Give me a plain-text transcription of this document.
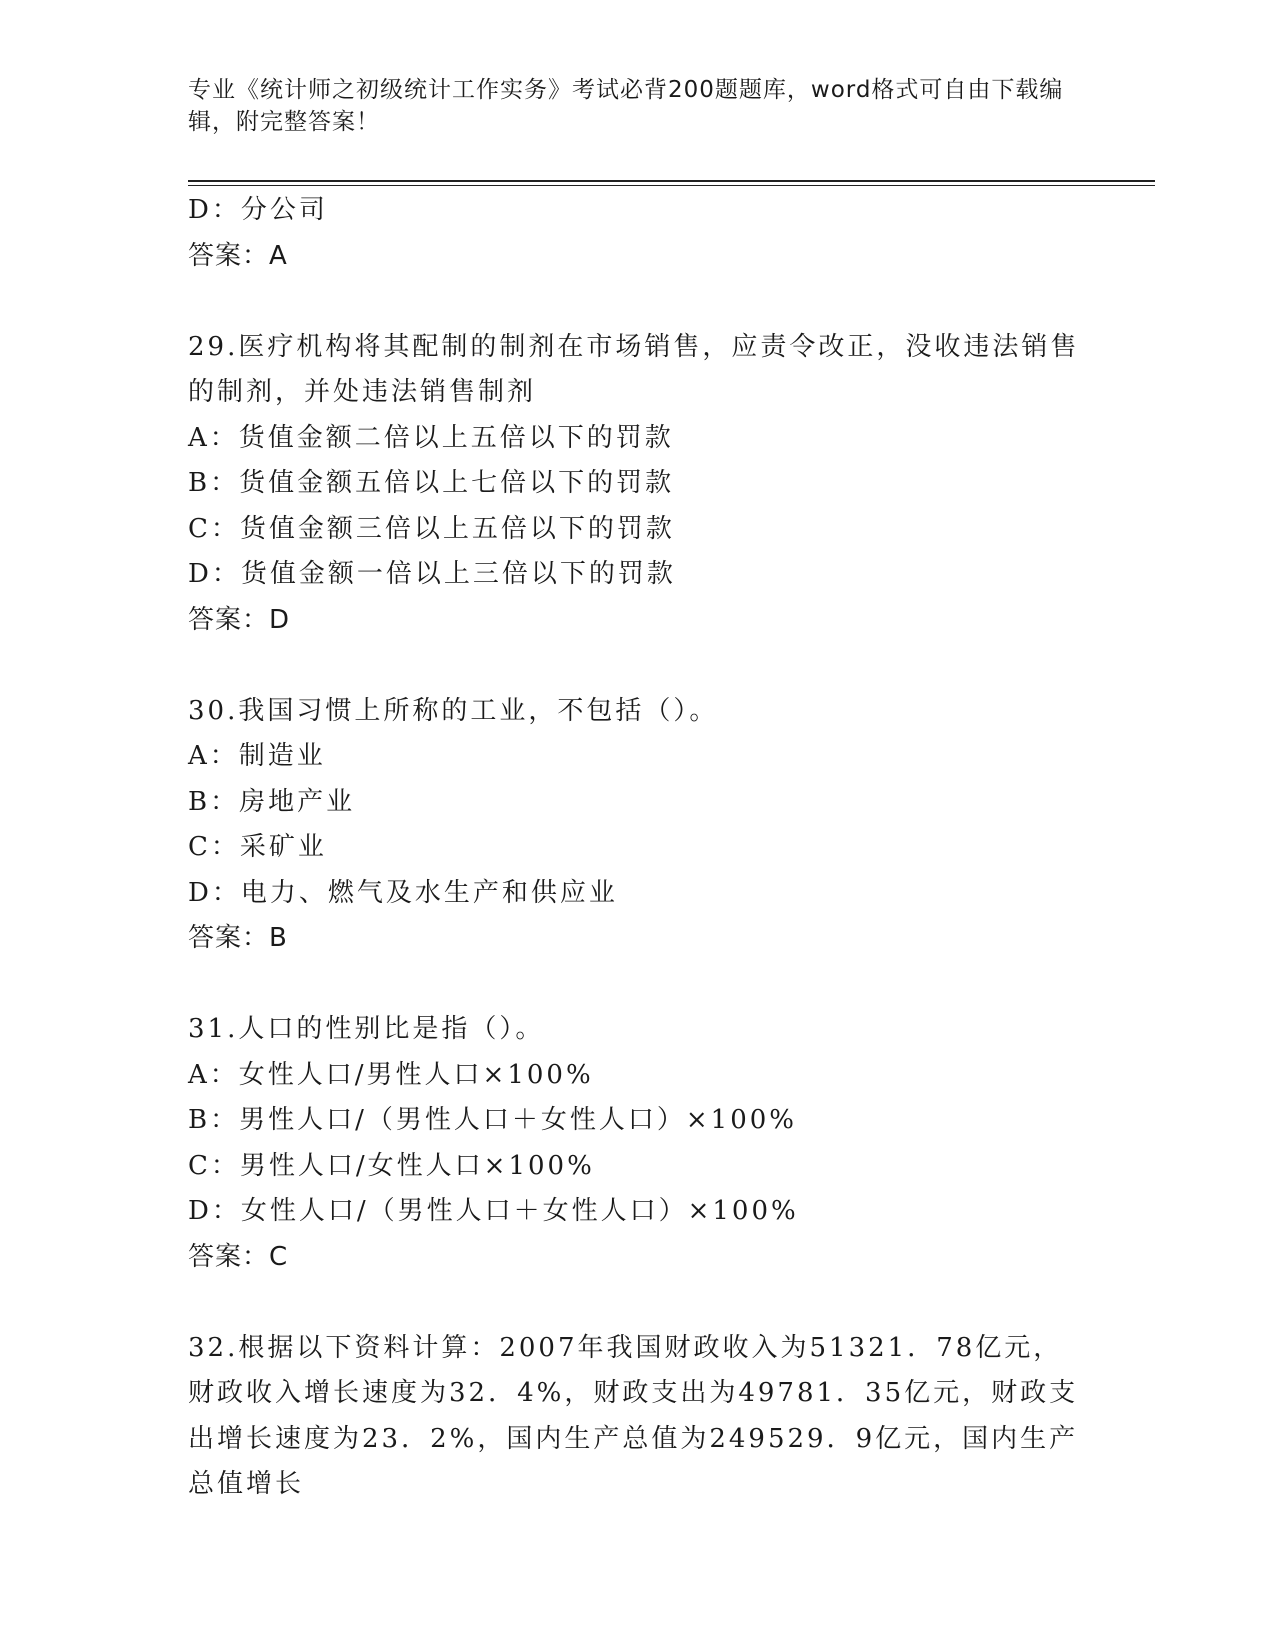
专业《统计师之初级统计工作实务》考试必背200题题库，word格式可自由下载编辑，附完整答案！
D：分公司
答案：A
29.医疗机构将其配制的制剂在市场销售，应责令改正，没收违法销售的制剂，并处违法销售制剂
A：货值金额二倍以上五倍以下的罚款
B：货值金额五倍以上七倍以下的罚款
C：货值金额三倍以上五倍以下的罚款
D：货值金额一倍以上三倍以下的罚款
答案：D
30.我国习惯上所称的工业，不包括（）。
A：制造业
B：房地产业
C：采矿业
D：电力、燃气及水生产和供应业
答案：B
31.人口的性别比是指（）。
A：女性人口/男性人口×100%
B：男性人口/（男性人口＋女性人口）×100%
C：男性人口/女性人口×100%
D：女性人口/（男性人口＋女性人口）×100%
答案：C
32.根据以下资料计算：2007年我国财政收入为51321．78亿元，财政收入增长速度为32．4%，财政支出为49781．35亿元，财政支出增长速度为23．2%，国内生产总值为249529．9亿元，国内生产总值增长
